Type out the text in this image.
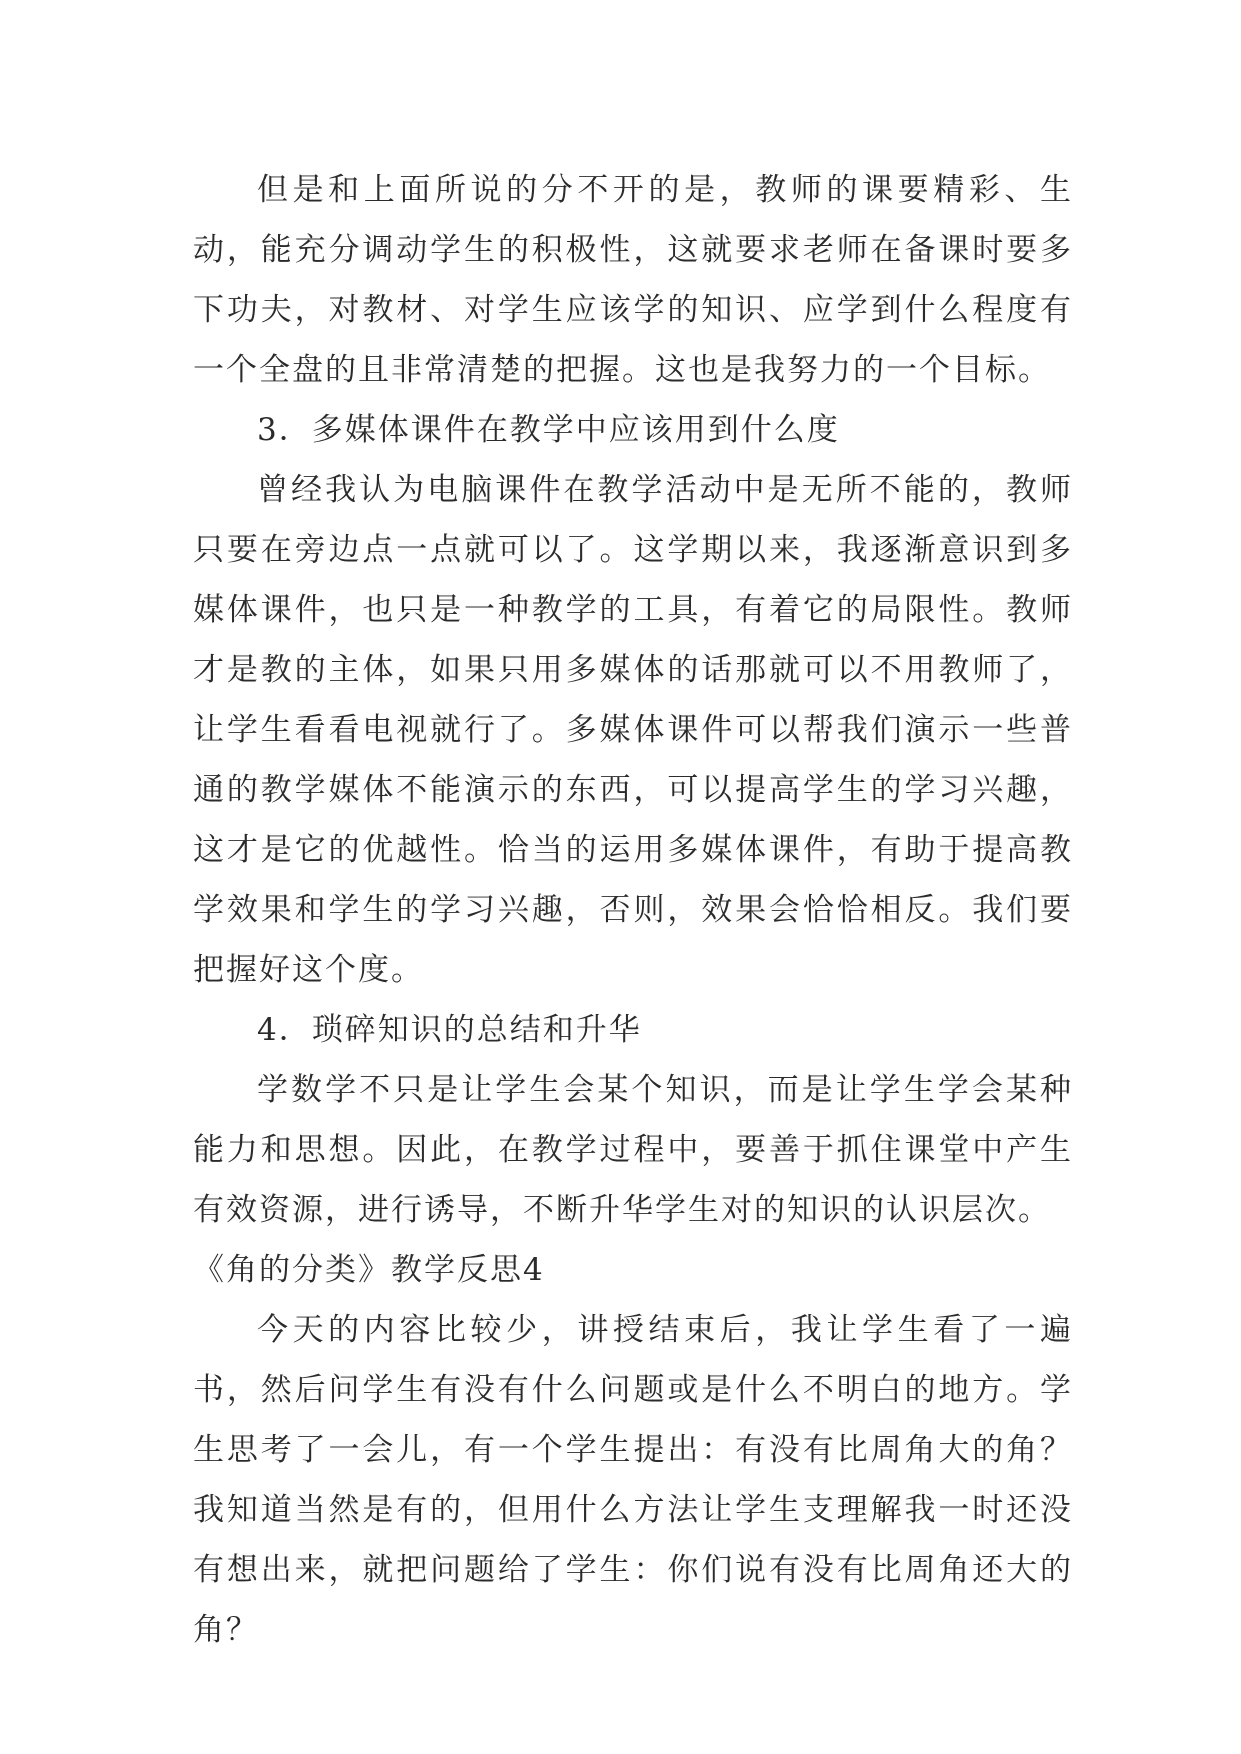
但是和上面所说的分不开的是，教师的课要精彩、生动，能充分调动学生的积极性，这就要求老师在备课时要多下功夫，对教材、对学生应该学的知识、应学到什么程度有一个全盘的且非常清楚的把握。这也是我努力的一个目标。

3．多媒体课件在教学中应该用到什么度

曾经我认为电脑课件在教学活动中是无所不能的，教师只要在旁边点一点就可以了。这学期以来，我逐渐意识到多媒体课件，也只是一种教学的工具，有着它的局限性。教师才是教的主体，如果只用多媒体的话那就可以不用教师了，让学生看看电视就行了。多媒体课件可以帮我们演示一些普通的教学媒体不能演示的东西，可以提高学生的学习兴趣，这才是它的优越性。恰当的运用多媒体课件，有助于提高教学效果和学生的学习兴趣，否则，效果会恰恰相反。我们要把握好这个度。

4．琐碎知识的总结和升华

学数学不只是让学生会某个知识，而是让学生学会某种能力和思想。因此，在教学过程中，要善于抓住课堂中产生有效资源，进行诱导，不断升华学生对的知识的认识层次。

《角的分类》教学反思4

今天的内容比较少，讲授结束后，我让学生看了一遍书，然后问学生有没有什么问题或是什么不明白的地方。学生思考了一会儿，有一个学生提出：有没有比周角大的角？我知道当然是有的，但用什么方法让学生支理解我一时还没有想出来，就把问题给了学生：你们说有没有比周角还大的角？
